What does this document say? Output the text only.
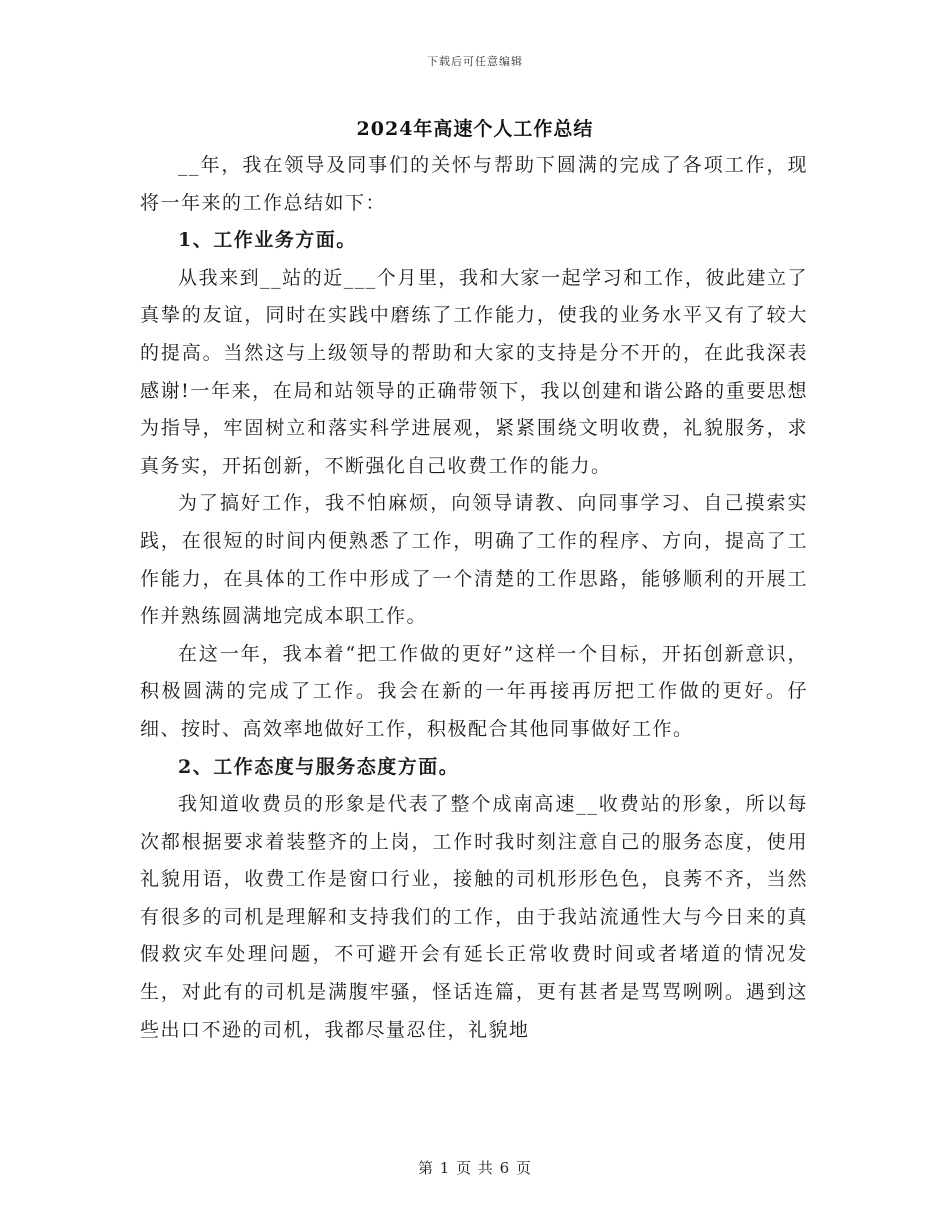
下载后可任意编辑
2024年高速个人工作总结

__年，我在领导及同事们的关怀与帮助下圆满的完成了各项工作，现将一年来的工作总结如下：

1、工作业务方面。

从我来到__站的近___个月里，我和大家一起学习和工作，彼此建立了真挚的友谊，同时在实践中磨练了工作能力，使我的业务水平又有了较大的提高。当然这与上级领导的帮助和大家的支持是分不开的，在此我深表感谢!一年来，在局和站领导的正确带领下，我以创建和谐公路的重要思想为指导，牢固树立和落实科学进展观，紧紧围绕文明收费，礼貌服务，求真务实，开拓创新，不断强化自己收费工作的能力。

为了搞好工作，我不怕麻烦，向领导请教、向同事学习、自己摸索实践，在很短的时间内便熟悉了工作，明确了工作的程序、方向，提高了工作能力，在具体的工作中形成了一个清楚的工作思路，能够顺利的开展工作并熟练圆满地完成本职工作。

在这一年，我本着“把工作做的更好”这样一个目标，开拓创新意识，积极圆满的完成了工作。我会在新的一年再接再厉把工作做的更好。仔细、按时、高效率地做好工作，积极配合其他同事做好工作。

2、工作态度与服务态度方面。

我知道收费员的形象是代表了整个成南高速__收费站的形象，所以每次都根据要求着装整齐的上岗，工作时我时刻注意自己的服务态度，使用礼貌用语，收费工作是窗口行业，接触的司机形形色色，良莠不齐，当然有很多的司机是理解和支持我们的工作，由于我站流通性大与今日来的真假救灾车处理问题，不可避开会有延长正常收费时间或者堵道的情况发生，对此有的司机是满腹牢骚，怪话连篇，更有甚者是骂骂咧咧。遇到这些出口不逊的司机，我都尽量忍住，礼貌地

第 1 页 共 6 页
